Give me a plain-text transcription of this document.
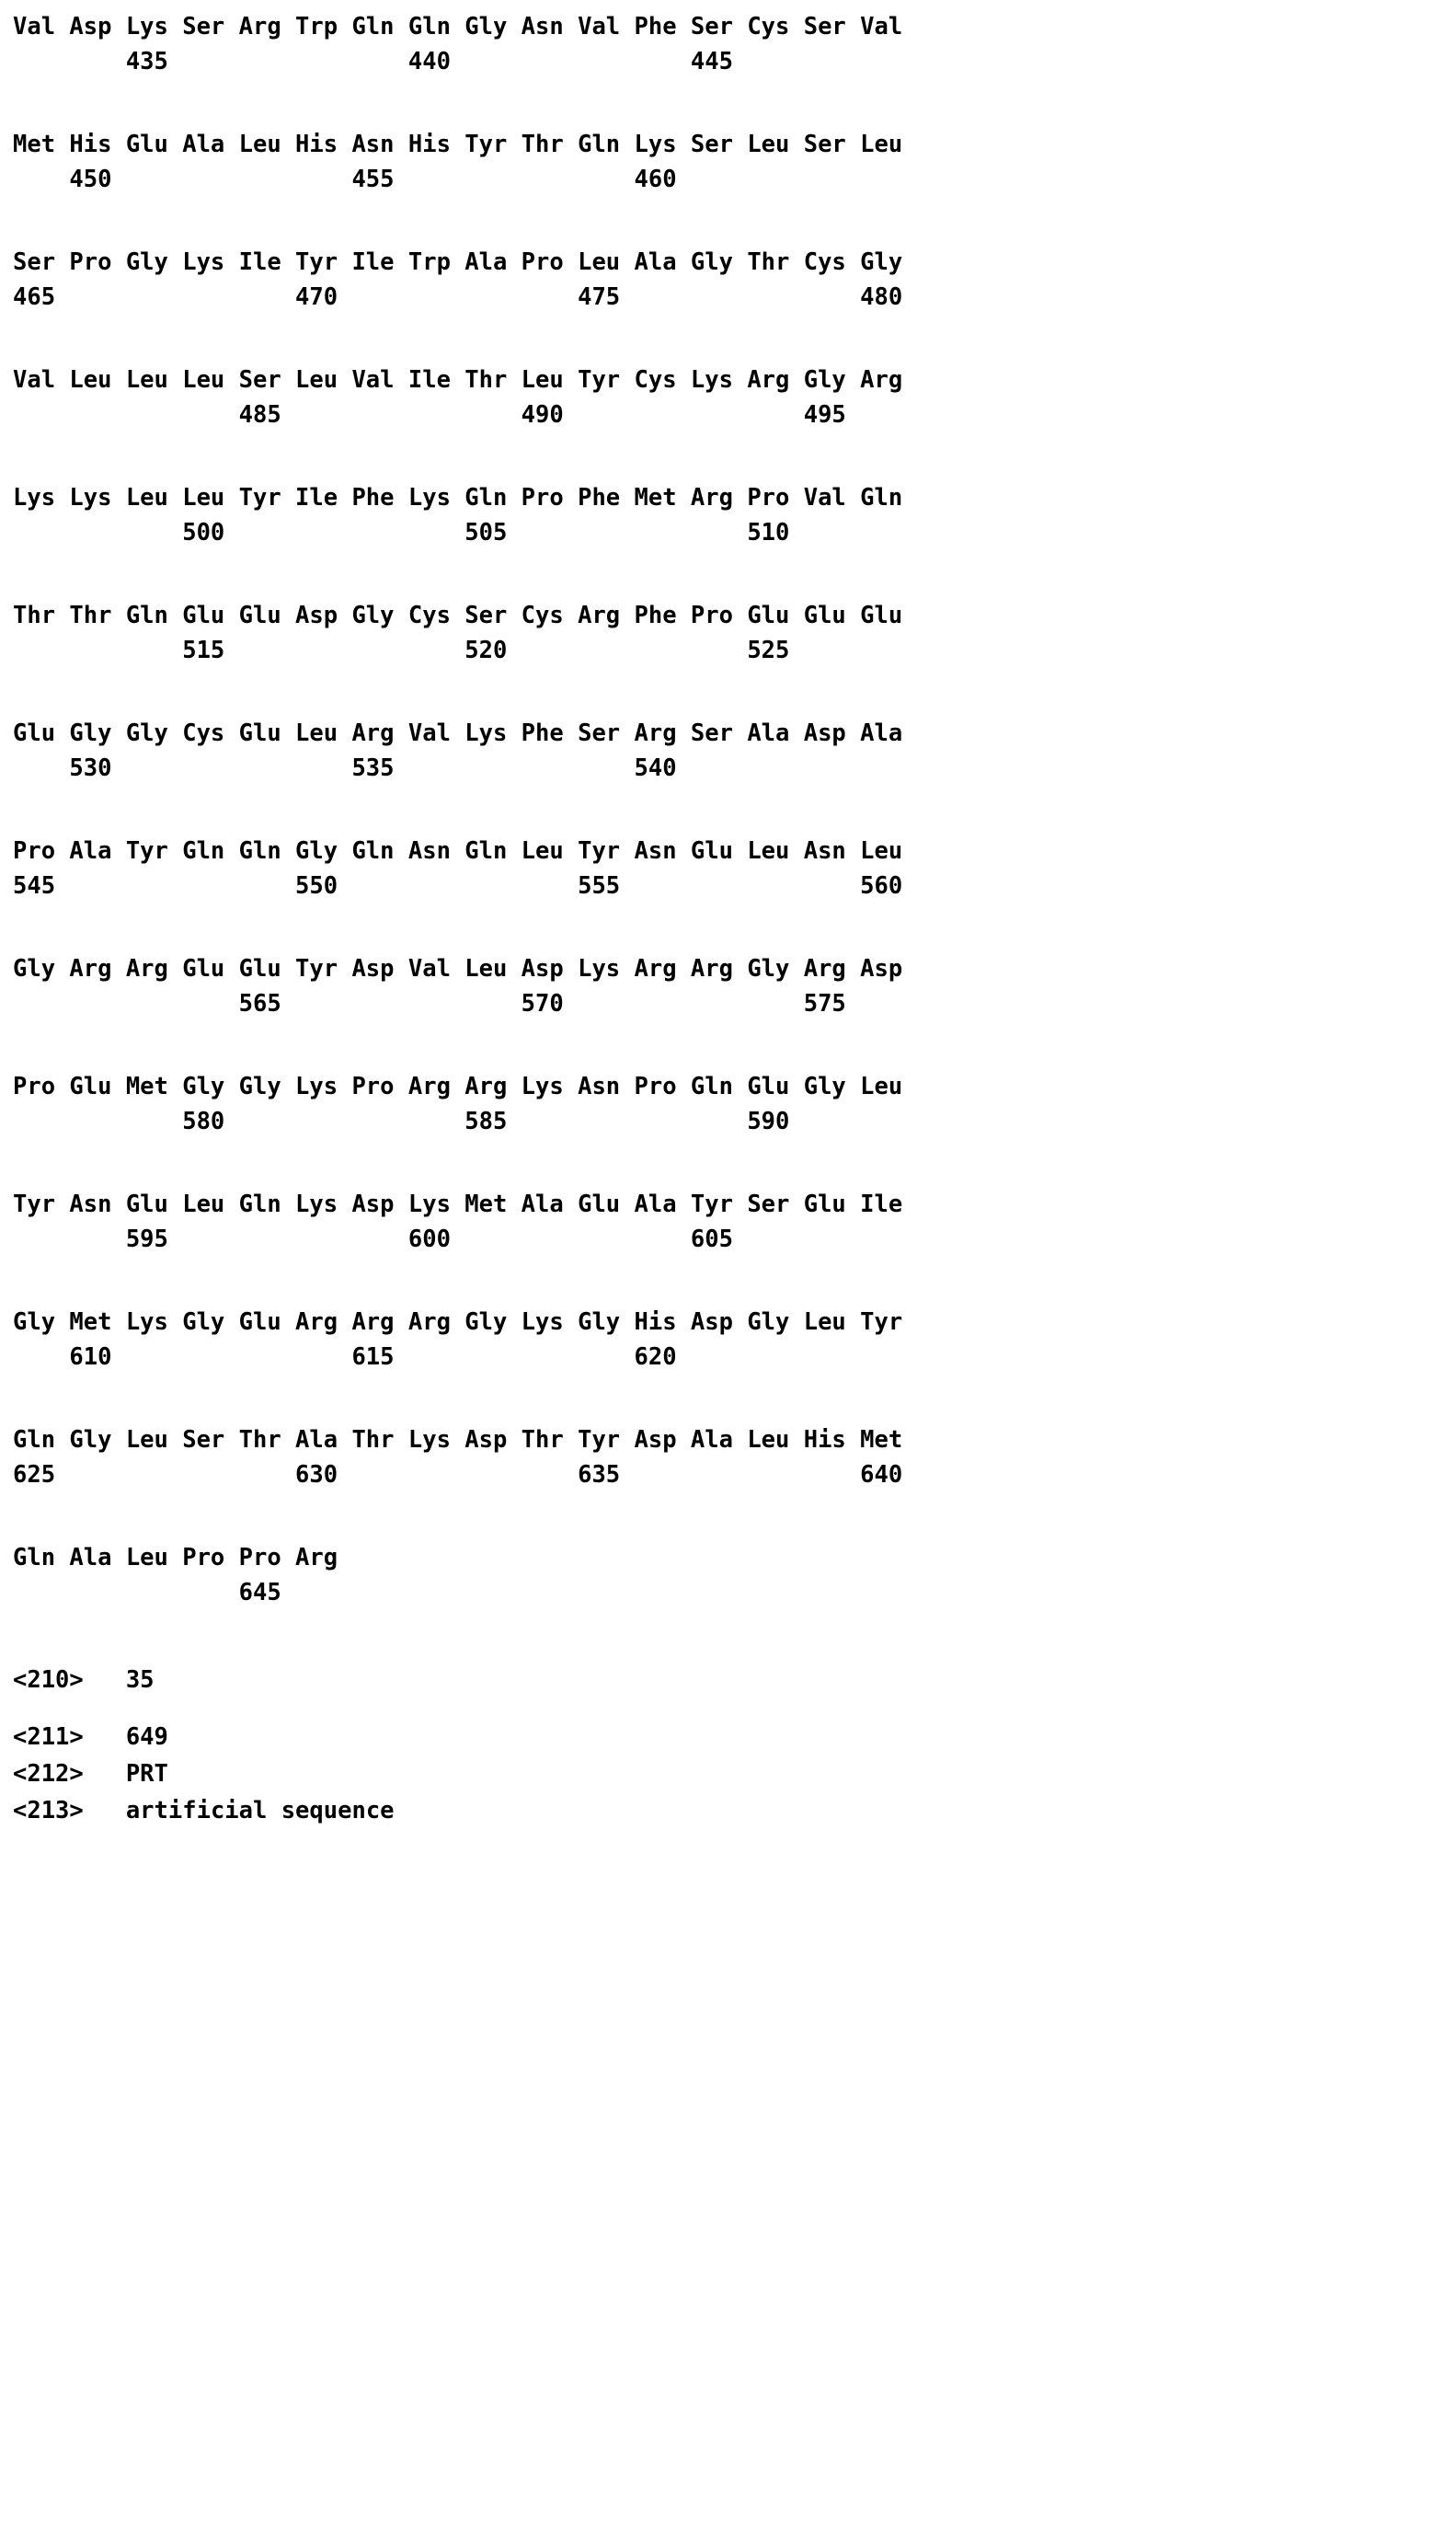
Val Asp Lys Ser Arg Trp Gln Gln Gly Asn Val Phe Ser Cys Ser Val
435                 440                 445
Met His Glu Ala Leu His Asn His Tyr Thr Gln Lys Ser Leu Ser Leu
450                 455                 460
Ser Pro Gly Lys Ile Tyr Ile Trp Ala Pro Leu Ala Gly Thr Cys Gly
465                 470                 475                 480
Val Leu Leu Leu Ser Leu Val Ile Thr Leu Tyr Cys Lys Arg Gly Arg
485                 490                 495
Lys Lys Leu Leu Tyr Ile Phe Lys Gln Pro Phe Met Arg Pro Val Gln
500                 505                 510
Thr Thr Gln Glu Glu Asp Gly Cys Ser Cys Arg Phe Pro Glu Glu Glu
515                 520                 525
Glu Gly Gly Cys Glu Leu Arg Val Lys Phe Ser Arg Ser Ala Asp Ala
530                 535                 540
Pro Ala Tyr Gln Gln Gly Gln Asn Gln Leu Tyr Asn Glu Leu Asn Leu
545                 550                 555                 560
Gly Arg Arg Glu Glu Tyr Asp Val Leu Asp Lys Arg Arg Gly Arg Asp
565                 570                 575
Pro Glu Met Gly Gly Lys Pro Arg Arg Lys Asn Pro Gln Glu Gly Leu
580                 585                 590
Tyr Asn Glu Leu Gln Lys Asp Lys Met Ala Glu Ala Tyr Ser Glu Ile
595                 600                 605
Gly Met Lys Gly Glu Arg Arg Arg Gly Lys Gly His Asp Gly Leu Tyr
610                 615                 620
Gln Gly Leu Ser Thr Ala Thr Lys Asp Thr Tyr Asp Ala Leu His Met
625                 630                 635                 640
Gln Ala Leu Pro Pro Arg
645
<210> 35
<211> 649
<212> PRT
<213> artificial sequence
